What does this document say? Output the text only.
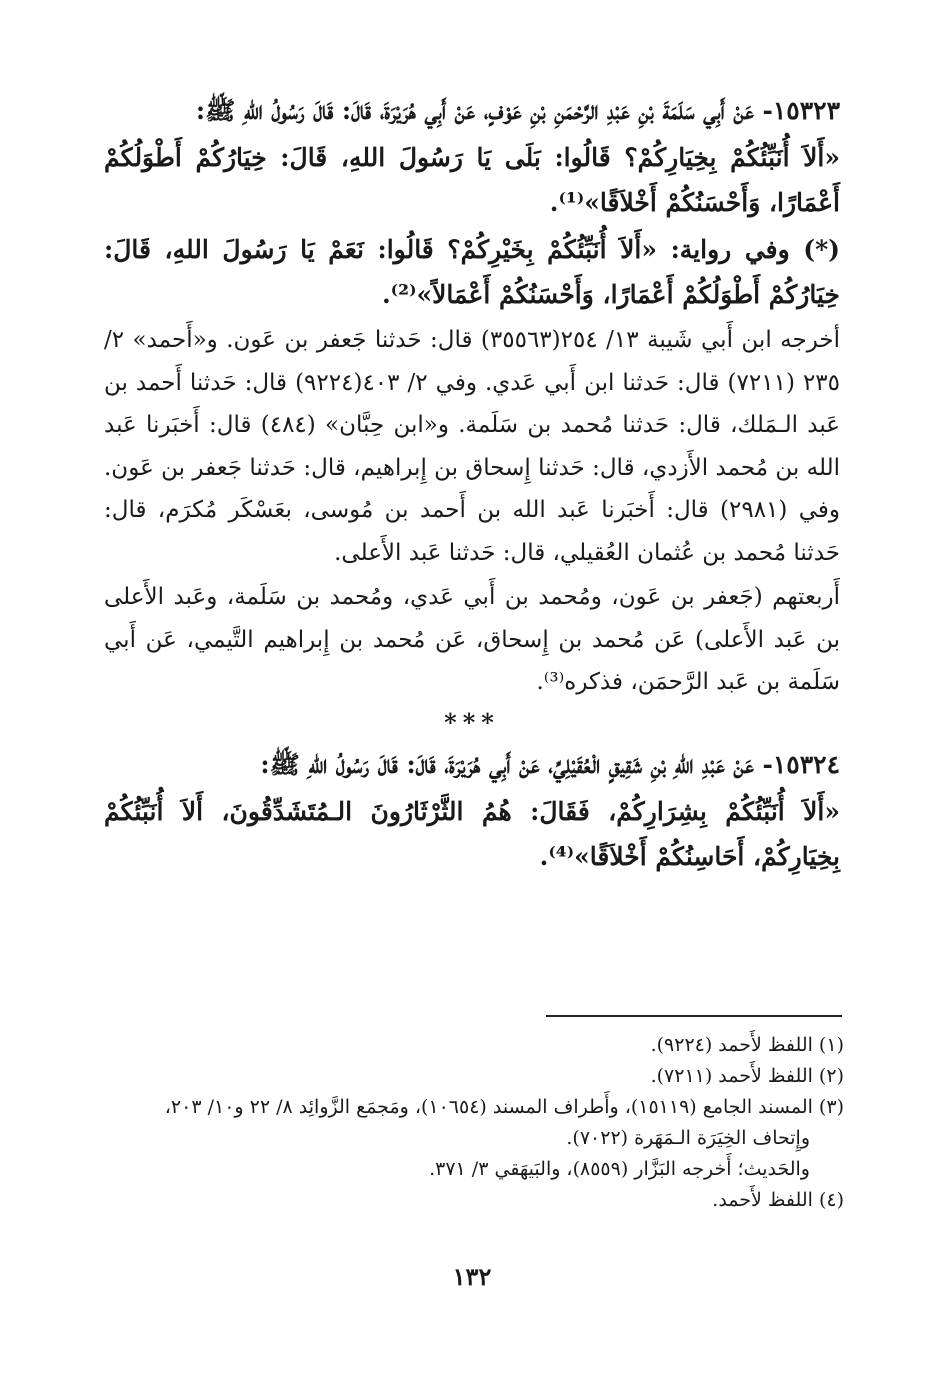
١٥٣٢٣- عَنْ أَبِي سَلَمَةَ بْنِ عَبْدِ الرَّحْمَنِ بْنِ عَوْفٍ، عَنْ أَبِي هُرَيْرَةَ، قَالَ: قَالَ رَسُولُ اللهِ ﷺ:

«أَلاَ أُنَبِّئُكُمْ بِخِيَارِكُمْ؟ قَالُوا: بَلَى يَا رَسُولَ اللهِ، قَالَ: خِيَارُكُمْ أَطْوَلُكُمْ أَعْمَارًا، وَأَحْسَنُكُمْ أَخْلاَقًا»⁽¹⁾.

(*) وفي رواية: «أَلاَ أُنَبِّئُكُمْ بِخَيْرِكُمْ؟ قَالُوا: نَعَمْ يَا رَسُولَ اللهِ، قَالَ: خِيَارُكُمْ أَطْوَلُكُمْ أَعْمَارًا، وَأَحْسَنُكُمْ أَعْمَالاً»⁽²⁾.

أخرجه ابن أَبي شَيبة ١٣/ ٢٥٤(٣٥٥٦٣) قال: حَدثنا جَعفر بن عَون. و«أَحمد» ٢/ ٢٣٥ (٧٢١١) قال: حَدثنا ابن أَبي عَدي. وفي ٢/ ٤٠٣(٩٢٢٤) قال: حَدثنا أَحمد بن عَبد الـمَلك، قال: حَدثنا مُحمد بن سَلَمة. و«ابن حِبَّان» (٤٨٤) قال: أَخبَرنا عَبد الله بن مُحمد الأَزدي، قال: حَدثنا إِسحاق بن إِبراهيم، قال: حَدثنا جَعفر بن عَون. وفي (٢٩٨١) قال: أَخبَرنا عَبد الله بن أَحمد بن مُوسى، بعَسْكَر مُكرَم، قال: حَدثنا مُحمد بن عُثمان العُقيلي، قال: حَدثنا عَبد الأَعلى.

أَربعتهم (جَعفر بن عَون، ومُحمد بن أَبي عَدي، ومُحمد بن سَلَمة، وعَبد الأَعلى بن عَبد الأَعلى) عَن مُحمد بن إِسحاق، عَن مُحمد بن إِبراهيم التَّيمي، عَن أَبي سَلَمة بن عَبد الرَّحمَن، فذكره⁽³⁾.

***

١٥٣٢٤- عَنْ عَبْدِ اللهِ بْنِ شَقِيقٍ الْعُقَيْلِيِّ، عَنْ أَبِي هُرَيْرَةَ، قَالَ: قَالَ رَسُولُ اللهِ ﷺ:

«أَلاَ أُنَبِّئُكُمْ بِشِرَارِكُمْ، فَقَالَ: هُمُ الثَّرْثَارُونَ الـمُتَشَدِّقُونَ، أَلاَ أُنَبِّئُكُمْ بِخِيَارِكُمْ، أَحَاسِنُكُمْ أَخْلاَقًا»⁽⁴⁾.

(١) اللفظ لأَحمد (٩٢٢٤).

(٢) اللفظ لأَحمد (٧٢١١).

(٣) المسند الجامع (١٥١١٩)، وأَطراف المسند (١٠٦٥٤)، ومَجمَع الزَّوائِد ٨/ ٢٢ و١٠/ ٢٠٣،

وإِتحاف الخِيَرَة الـمَهَرة (٧٠٢٢).

والحَديث؛ أَخرجه البَزَّار (٨٥٥٩)، والبَيهَقي ٣/ ٣٧١.

(٤) اللفظ لأَحمد.

١٣٢
